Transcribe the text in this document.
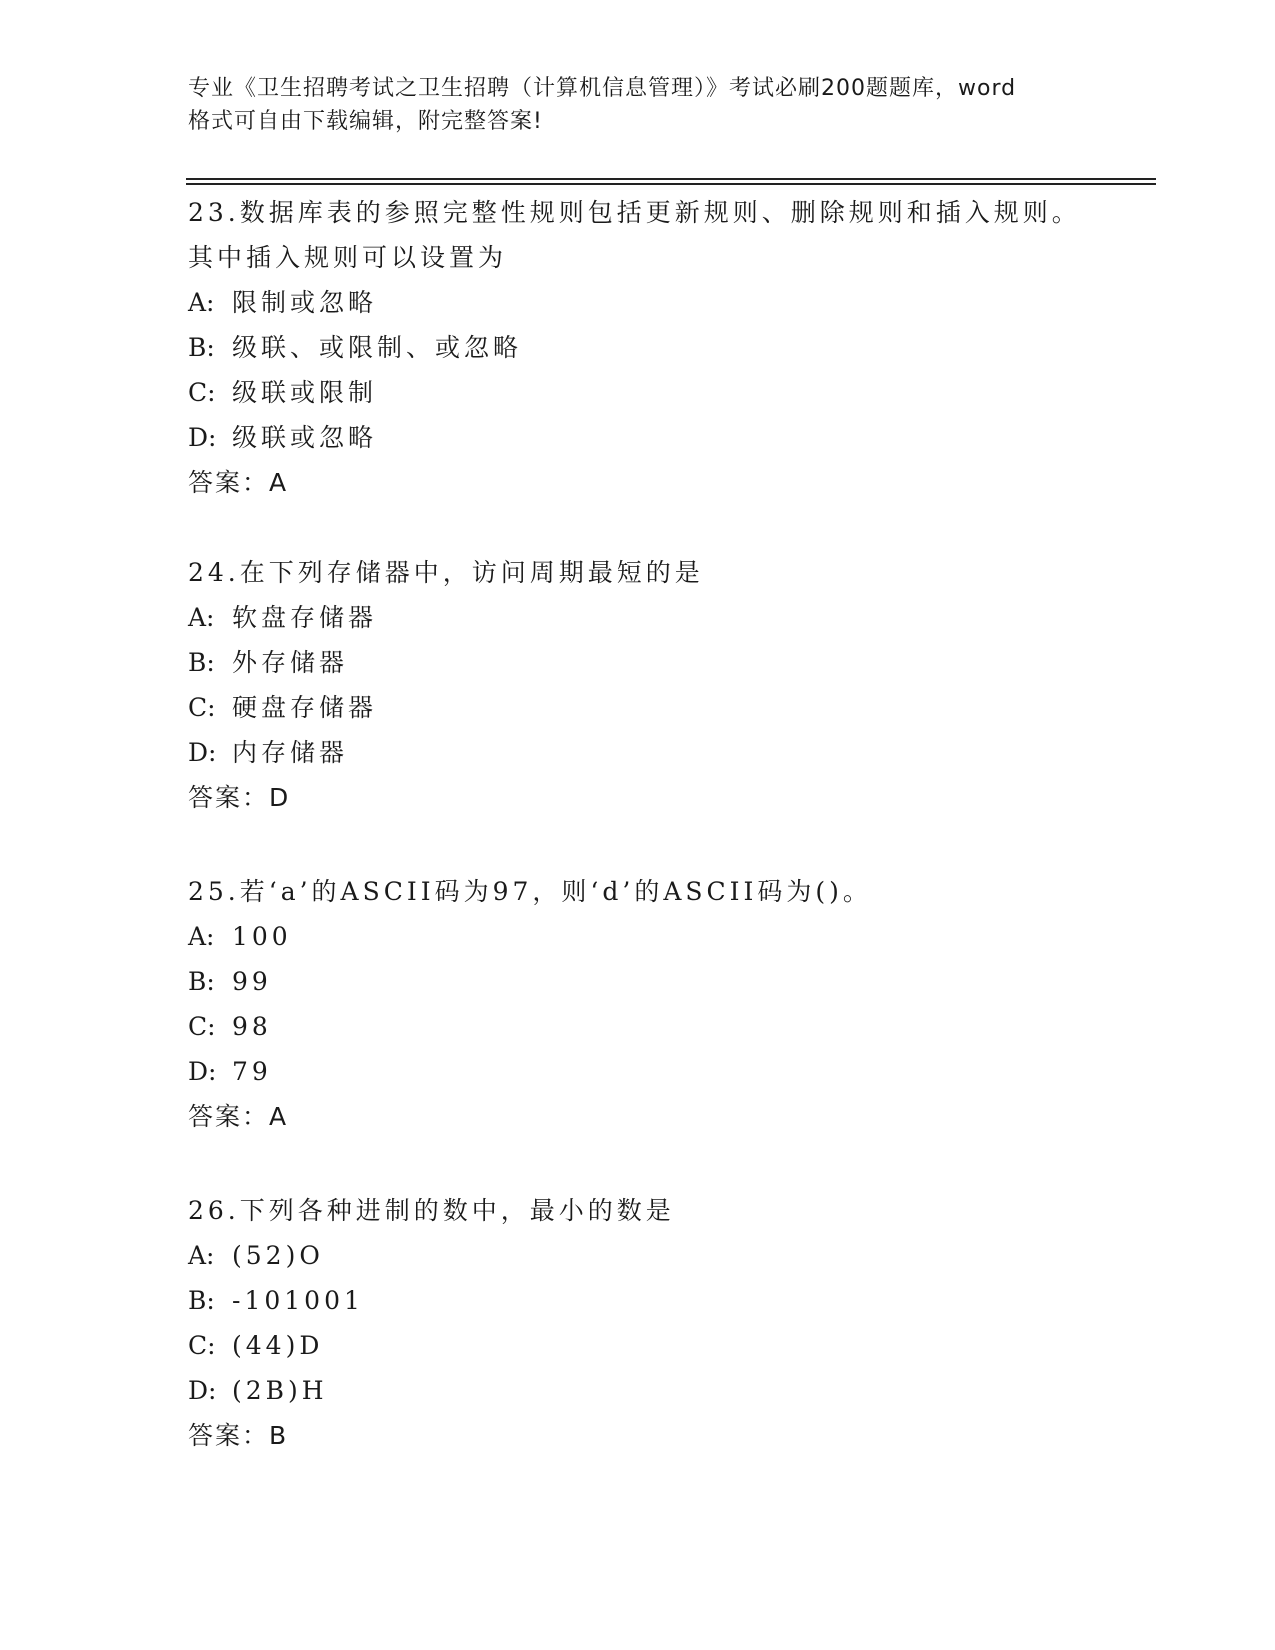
专业《卫生招聘考试之卫生招聘（计算机信息管理）》考试必刷200题题库，word
格式可自由下载编辑，附完整答案!

23.数据库表的参照完整性规则包括更新规则、删除规则和插入规则。

其中插入规则可以设置为

A: 限制或忽略

B: 级联、或限制、或忽略

C: 级联或限制

D: 级联或忽略

答案：A

24.在下列存储器中，访问周期最短的是

A: 软盘存储器

B: 外存储器

C: 硬盘存储器

D: 内存储器

答案：D

25.若‘a’的ASCII码为97，则‘d’的ASCII码为()。

A: 100

B: 99

C: 98

D: 79

答案：A

26.下列各种进制的数中，最小的数是

A: (52)O

B: -101001

C: (44)D

D: (2B)H

答案：B
